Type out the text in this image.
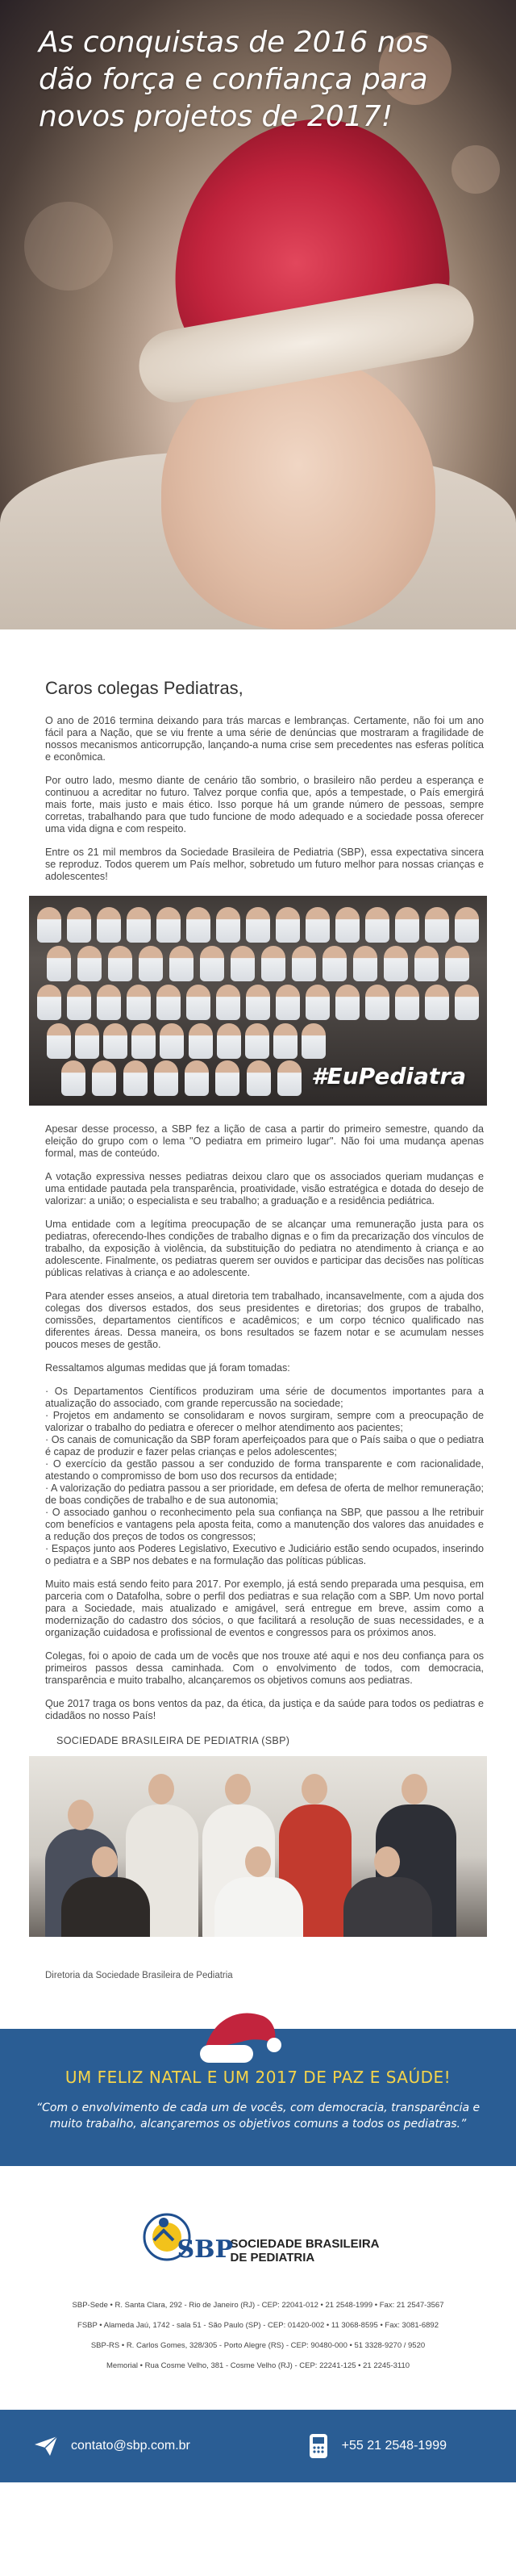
As conquistas de 2016 nos dão força e confiança para novos projetos de 2017!
Caros colegas Pediatras,

O ano de 2016 termina deixando para trás marcas e lembranças. Certamente, não foi um ano fácil para a Nação, que se viu frente a uma série de denúncias que mostraram a fragilidade de nossos mecanismos anticorrupção, lançando-a numa crise sem precedentes nas esferas política e econômica.

Por outro lado, mesmo diante de cenário tão sombrio, o brasileiro não perdeu a esperança e continuou a acreditar no futuro. Talvez porque confia que, após a tempestade, o País emergirá mais forte, mais justo e mais ético. Isso porque há um grande número de pessoas, sempre corretas, trabalhando para que tudo funcione de modo adequado e a sociedade possa oferecer uma vida digna e com respeito.

Entre os 21 mil membros da Sociedade Brasileira de Pediatria (SBP), essa expectativa sincera se reproduz. Todos querem um País melhor, sobretudo um futuro melhor para nossas crianças e adolescentes!

#EuPediatra

Apesar desse processo, a SBP fez a lição de casa a partir do primeiro semestre, quando da eleição do grupo com o lema "O pediatra em primeiro lugar". Não foi uma mudança apenas formal, mas de conteúdo.

A votação expressiva nesses pediatras deixou claro que os associados queriam mudanças e uma entidade pautada pela transparência, proatividade, visão estratégica e dotada do desejo de valorizar: a união; o especialista e seu trabalho; a graduação e a residência pediátrica.

Uma entidade com a legítima preocupação de se alcançar uma remuneração justa para os pediatras, oferecendo-lhes condições de trabalho dignas e o fim da precarização dos vínculos de trabalho, da exposição à violência, da substituição do pediatra no atendimento à criança e ao adolescente. Finalmente, os pediatras querem ser ouvidos e participar das decisões nas políticas públicas relativas à criança e ao adolescente.

Para atender esses anseios, a atual diretoria tem trabalhado, incansavelmente, com a ajuda dos colegas dos diversos estados, dos seus presidentes e diretorias; dos grupos de trabalho, comissões, departamentos científicos e acadêmicos; e um corpo técnico qualificado nas diferentes áreas. Dessa maneira, os bons resultados se fazem notar e se acumulam nesses poucos meses de gestão.

Ressaltamos algumas medidas que já foram tomadas:

· Os Departamentos Científicos produziram uma série de documentos importantes para a atualização do associado, com grande repercussão na sociedade;
· Projetos em andamento se consolidaram e novos surgiram, sempre com a preocupação de valorizar o trabalho do pediatra e oferecer o melhor atendimento aos pacientes;
· Os canais de comunicação da SBP foram aperfeiçoados para que o País saiba o que o pediatra é capaz de produzir e fazer pelas crianças e pelos adolescentes;
· O exercício da gestão passou a ser conduzido de forma transparente e com racionalidade, atestando o compromisso de bom uso dos recursos da entidade;
· A valorização do pediatra passou a ser prioridade, em defesa de oferta de melhor remuneração; de boas condições de trabalho e de sua autonomia;
· O associado ganhou o reconhecimento pela sua confiança na SBP, que passou a lhe retribuir com benefícios e vantagens pela aposta feita, como a manutenção dos valores das anuidades e a redução dos preços de todos os congressos;
· Espaços junto aos Poderes Legislativo, Executivo e Judiciário estão sendo ocupados, inserindo o pediatra e a SBP nos debates e na formulação das políticas públicas.

Muito mais está sendo feito para 2017. Por exemplo, já está sendo preparada uma pesquisa, em parceria com o Datafolha, sobre o perfil dos pediatras e sua relação com a SBP. Um novo portal para a Sociedade, mais atualizado e amigável, será entregue em breve, assim como a modernização do cadastro dos sócios, o que facilitará a resolução de suas necessidades, e a organização cuidadosa e profissional de eventos e congressos para os próximos anos.

Colegas, foi o apoio de cada um de vocês que nos trouxe até aqui e nos deu confiança para os primeiros passos dessa caminhada. Com o envolvimento de todos, com democracia, transparência e muito trabalho, alcançaremos os objetivos comuns aos pediatras.

Que 2017 traga os bons ventos da paz, da ética, da justiça e da saúde para todos os pediatras e cidadãos no nosso País!

SOCIEDADE BRASILEIRA DE PEDIATRIA (SBP)
Diretoria da Sociedade Brasileira de Pediatria
UM FELIZ NATAL E UM 2017 DE PAZ E SAÚDE!
“Com o envolvimento de cada um de vocês, com democracia, transparência e muito trabalho, alcançaremos os objetivos comuns a todos os pediatras.”
SBP
SOCIEDADE BRASILEIRA
DE PEDIATRIA
SBP-Sede • R. Santa Clara, 292 - Rio de Janeiro (RJ) - CEP: 22041-012 • 21 2548-1999 • Fax: 21 2547-3567
FSBP • Alameda Jaú, 1742 - sala 51 - São Paulo (SP) - CEP: 01420-002 • 11 3068-8595 • Fax: 3081-6892
SBP-RS • R. Carlos Gomes, 328/305 - Porto Alegre (RS) - CEP: 90480-000 • 51 3328-9270 / 9520
Memorial • Rua Cosme Velho, 381 - Cosme Velho (RJ) - CEP: 22241-125 • 21 2245-3110
contato@sbp.com.br	+55 21 2548-1999
